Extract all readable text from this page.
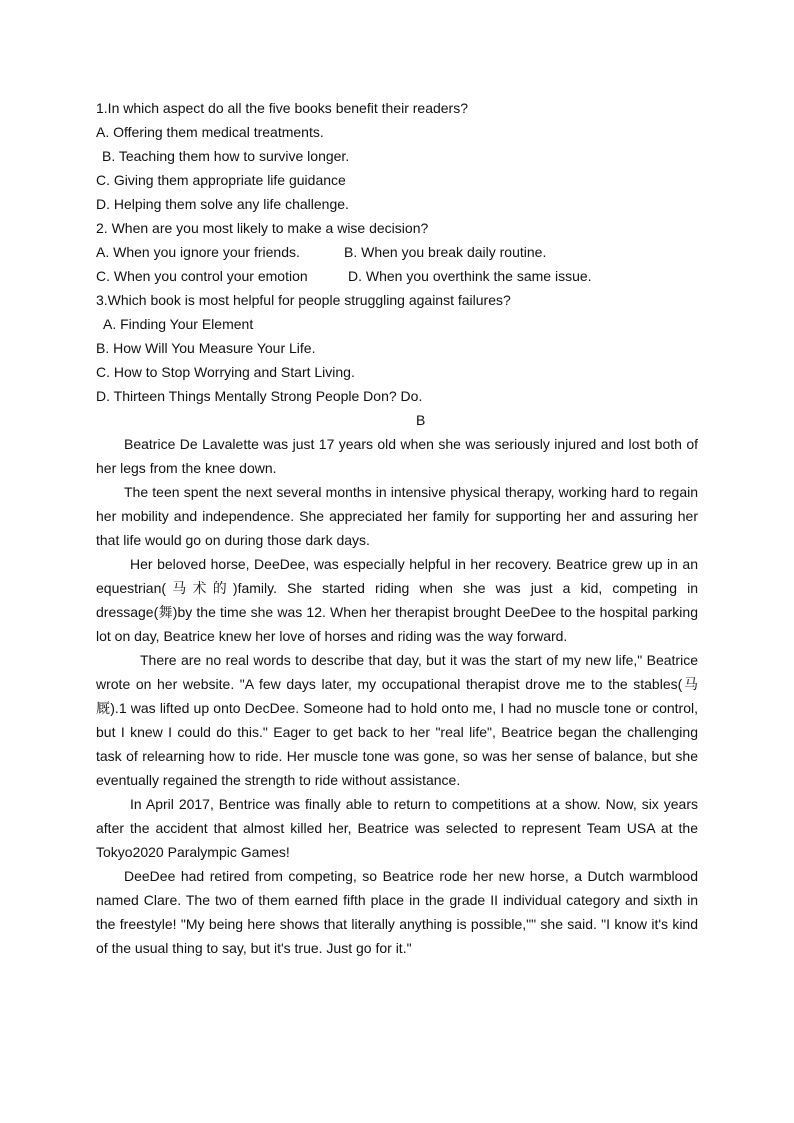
1.In which aspect do all the five books benefit their readers?
A. Offering them medical treatments.
B. Teaching them how to survive longer.
C. Giving them appropriate life guidance
D. Helping them solve any life challenge.
2. When are you most likely to make a wise decision?
A. When you ignore your friends.	B. When you break daily routine.
C. When you control your emotion	D. When you overthink the same issue.
3.Which book is most helpful for people struggling against failures?
A. Finding Your Element
B. How Will You Measure Your Life.
C. How to Stop Worrying and Start Living.
D. Thirteen Things Mentally Strong People Don? Do.
B

Beatrice De Lavalette was just 17 years old when she was seriously injured and lost both of her legs from the knee down.

The teen spent the next several months in intensive physical therapy, working hard to regain her mobility and independence. She appreciated her family for supporting her and assuring her that life would go on during those dark days.

Her beloved horse, DeeDee, was especially helpful in her recovery. Beatrice grew up in an equestrian(马术的)family. She started riding when she was just a kid, competing in dressage(舞)by the time she was 12. When her therapist brought DeeDee to the hospital parking lot on day, Beatrice knew her love of horses and riding was the way forward.

There are no real words to describe that day, but it was the start of my new life," Beatrice wrote on her website. "A few days later, my occupational therapist drove me to the stables(马厩).1 was lifted up onto DecDee. Someone had to hold onto me, I had no muscle tone or control, but I knew I could do this." Eager to get back to her "real life", Beatrice began the challenging task of relearning how to ride. Her muscle tone was gone, so was her sense of balance, but she eventually regained the strength to ride without assistance.

In April 2017, Bentrice was finally able to return to competitions at a show. Now, six years after the accident that almost killed her, Beatrice was selected to represent Team USA at the Tokyo2020 Paralympic Games!

DeeDee had retired from competing, so Beatrice rode her new horse, a Dutch warmblood named Clare. The two of them earned fifth place in the grade II individual category and sixth in the freestyle! "My being here shows that literally anything is possible,"" she said. "I know it's kind of the usual thing to say, but it's true. Just go for it."
